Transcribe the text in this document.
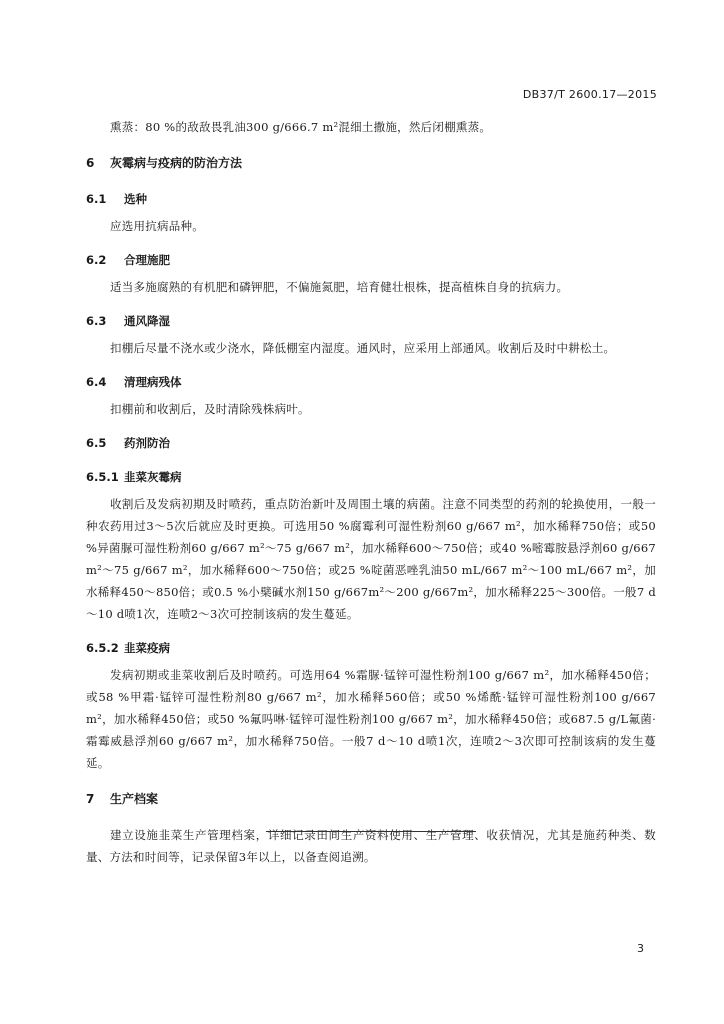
DB37/T 2600.17—2015

熏蒸：80 %的敌敌畏乳油300 g/666.7 m²混细土撒施，然后闭棚熏蒸。

6 灰霉病与疫病的防治方法
6.1 选种

应选用抗病品种。

6.2 合理施肥

适当多施腐熟的有机肥和磷钾肥，不偏施氮肥，培育健壮根株，提高植株自身的抗病力。

6.3 通风降湿

扣棚后尽量不浇水或少浇水，降低棚室内湿度。通风时，应采用上部通风。收割后及时中耕松土。

6.4 清理病残体

扣棚前和收割后，及时清除残株病叶。

6.5 药剂防治
6.5.1 韭菜灰霉病

收割后及发病初期及时喷药，重点防治新叶及周围土壤的病菌。注意不同类型的药剂的轮换使用，一般一种农药用过3～5次后就应及时更换。可选用50 %腐霉利可湿性粉剂60 g/667 m²，加水稀释750倍；或50 %异菌脲可湿性粉剂60 g/667 m²～75 g/667 m²，加水稀释600～750倍；或40 %嘧霉胺悬浮剂60 g/667 m²～75 g/667 m²，加水稀释600～750倍；或25 %啶菌恶唑乳油50 mL/667 m²～100 mL/667 m²，加水稀释450～850倍；或0.5 %小檗碱水剂150 g/667m²～200 g/667m²，加水稀释225～300倍。一般7 d～10 d喷1次，连喷2～3次可控制该病的发生蔓延。

6.5.2 韭菜疫病

发病初期或韭菜收割后及时喷药。可选用64 %霜脲·锰锌可湿性粉剂100 g/667 m²，加水稀释450倍；或58 %甲霜·锰锌可湿性粉剂80 g/667 m²，加水稀释560倍；或50 %烯酰·锰锌可湿性粉剂100 g/667 m²，加水稀释450倍；或50 %氟吗啉·锰锌可湿性粉剂100 g/667 m²，加水稀释450倍；或687.5 g/L氟菌·霜霉威悬浮剂60 g/667 m²，加水稀释750倍。一般7 d～10 d喷1次，连喷2～3次即可控制该病的发生蔓延。

7 生产档案

建立设施韭菜生产管理档案，详细记录田间生产资料使用、生产管理、收获情况，尤其是施药种类、数量、方法和时间等，记录保留3年以上，以备查阅追溯。

3
